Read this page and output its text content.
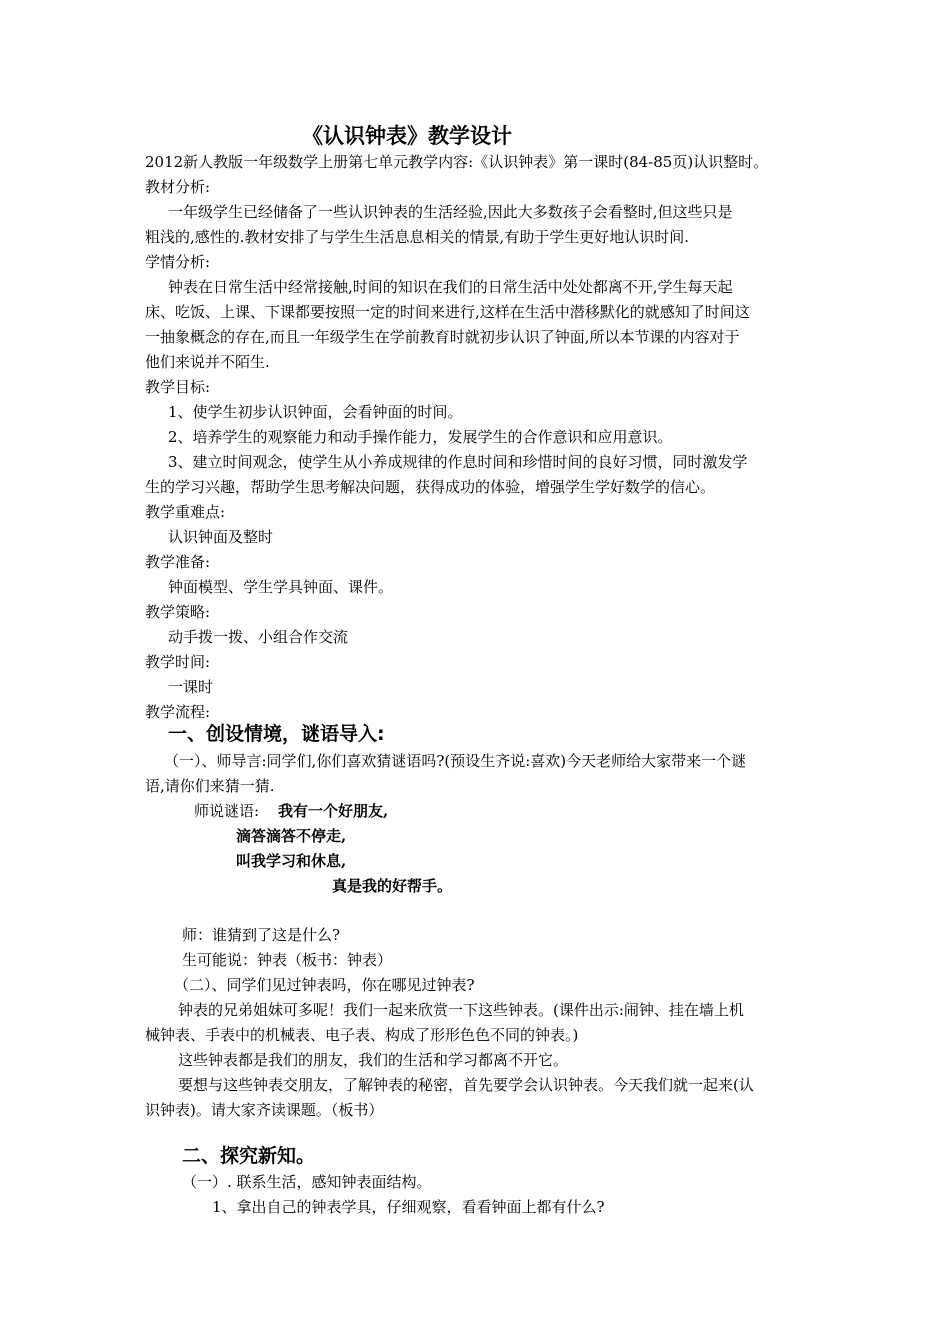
《认识钟表》教学设计
2012新人教版一年级数学上册第七单元教学内容:《认识钟表》第一课时(84-85页)认识整时。
教材分析:
一年级学生已经储备了一些认识钟表的生活经验,因此大多数孩子会看整时,但这些只是
粗浅的,感性的.教材安排了与学生生活息息相关的情景,有助于学生更好地认识时间.
学情分析:
钟表在日常生活中经常接触,时间的知识在我们的日常生活中处处都离不开,学生每天起
床、吃饭、上课、下课都要按照一定的时间来进行,这样在生活中潜移默化的就感知了时间这
一抽象概念的存在,而且一年级学生在学前教育时就初步认识了钟面,所以本节课的内容对于
他们来说并不陌生.
教学目标:
1、使学生初步认识钟面，会看钟面的时间。
2、培养学生的观察能力和动手操作能力，发展学生的合作意识和应用意识。
3、建立时间观念，使学生从小养成规律的作息时间和珍惜时间的良好习惯，同时激发学
生的学习兴趣，帮助学生思考解决问题，获得成功的体验，增强学生学好数学的信心。
教学重难点:
认识钟面及整时
教学准备:
钟面模型、学生学具钟面、课件。
教学策略:
动手拨一拨、小组合作交流
教学时间:
一课时
教学流程:
一、创设情境，谜语导入:
（一）、师导言:同学们,你们喜欢猜谜语吗?(预设生齐说:喜欢)今天老师给大家带来一个谜
语,请你们来猜一猜.
师说谜语: 我有一个好朋友,
滴答滴答不停走,
叫我学习和休息,
真是我的好帮手。
师：谁猜到了这是什么?
生可能说：钟表（板书：钟表）
（二）、同学们见过钟表吗，你在哪见过钟表?
钟表的兄弟姐妹可多呢！我们一起来欣赏一下这些钟表。(课件出示:闹钟、挂在墙上机
械钟表、手表中的机械表、电子表、构成了形形色色不同的钟表。)
这些钟表都是我们的朋友，我们的生活和学习都离不开它。
要想与这些钟表交朋友，了解钟表的秘密，首先要学会认识钟表。今天我们就一起来(认
识钟表)。请大家齐读课题。（板书）
二、探究新知。
（一）. 联系生活，感知钟表面结构。
1、拿出自己的钟表学具，仔细观察，看看钟面上都有什么?
